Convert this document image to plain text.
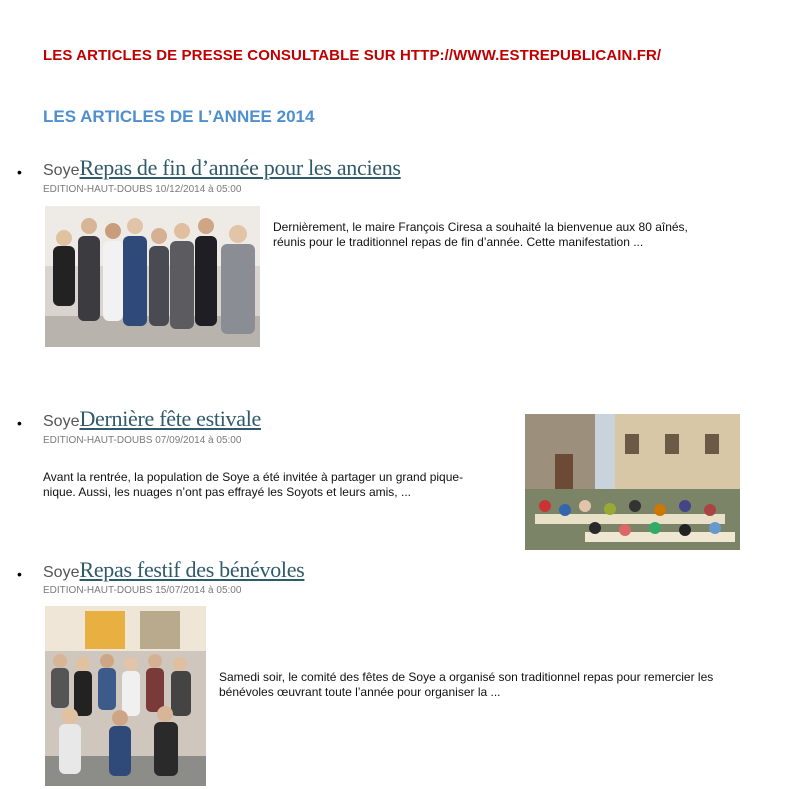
LES ARTICLES DE PRESSE CONSULTABLE SUR HTTP://WWW.ESTREPUBLICAIN.FR/
LES ARTICLES DE L’ANNEE 2014
• SoyeRepas de fin d’année pour les anciens
EDITION-HAUT-DOUBS 10/12/2014 à 05:00
Dernièrement, le maire François Ciresa a souhaité la bienvenue aux 80 aînés, réunis pour le traditionnel repas de fin d’année. Cette manifestation ...
• SoyeDernière fête estivale
EDITION-HAUT-DOUBS 07/09/2014 à 05:00
Avant la rentrée, la population de Soye a été invitée à partager un grand pique-nique. Aussi, les nuages n’ont pas effrayé les Soyots et leurs amis, ...
• SoyeRepas festif des bénévoles
EDITION-HAUT-DOUBS 15/07/2014 à 05:00
Samedi soir, le comité des fêtes de Soye a organisé son traditionnel repas pour remercier les bénévoles œuvrant toute l’année pour organiser la ...
